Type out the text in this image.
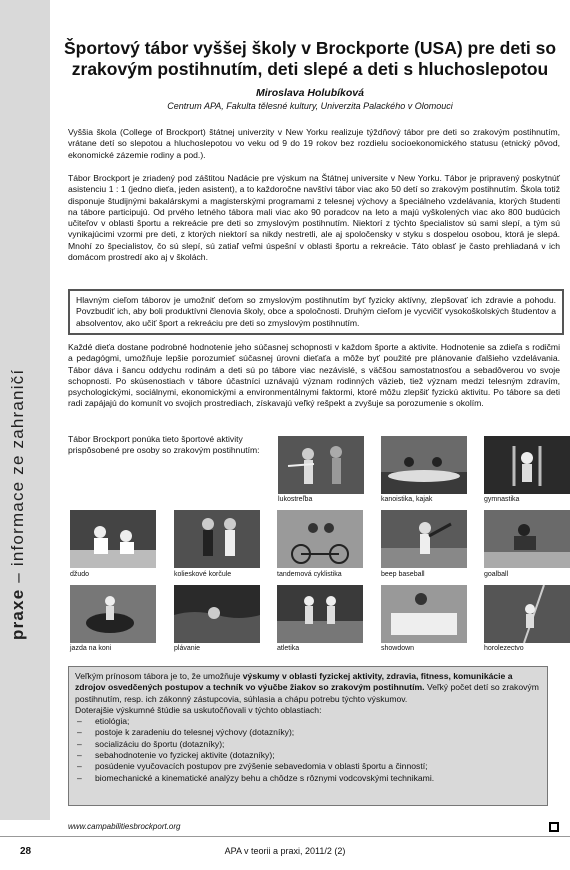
praxe – informace ze zahraničí
Športový tábor vyššej školy v Brockporte (USA) pre deti so zrakovým postihnutím, deti slepé a deti s hluchoslepotou

Miroslava Holubíková

Centrum APA, Fakulta tělesné kultury, Univerzita Palackého v Olomouci

Vyššia škola (College of Brockport) štátnej univerzity v New Yorku realizuje týždňový tábor pre deti so zrakovým postihnutím, vrátane detí so slepotou a hluchoslepotou vo veku od 9 do 19 rokov bez rozdielu socioekonomického statusu (etnický pôvod, ekonomické zázemie rodiny a pod.).

Tábor Brockport je zriadený pod záštitou Nadácie pre výskum na Štátnej universite v New Yorku. Tábor je pripravený poskytnúť asistenciu 1 : 1 (jedno dieťa, jeden asistent), a to každoročne navštívi tábor viac ako 50 detí so zrakovým postihnutím. Škola totiž disponuje študijnými bakalárskymi a magisterskými programami z telesnej výchovy a špeciálneho vzdelávania, ktorých študenti na tábore participujú. Od prvého letného tábora mali viac ako 90 poradcov na leto a majú vyškolených viac ako 800 budúcich učiteľov v oblasti športu a rekreácie pre deti so zmyslovým postihnutím. Niektorí z týchto špecialistov sú sami slepí, a tým sú vynikajúcimi vzormi pre deti, z ktorých niektorí sa nikdy nestretli, ale aj spoločensky v styku s dospelou osobou, ktorá je slepá. Mnohí zo špecialistov, čo sú slepí, sú zatiaľ veľmi úspešní v oblasti športu a rekreácie. Táto oblasť je často prehliadaná v ich domácom prostredí ako aj v školách.

Hlavným cieľom táborov je umožniť deťom so zmyslovým postihnutím byť fyzicky aktívny, zlepšovať ich zdravie a pohodu. Povzbudiť ich, aby boli produktívni členovia školy, obce a spoločnosti. Druhým cieľom je vycvičiť vysokoškolských študentov a absolventov, ako učiť šport a rekreáciu pre deti so zmyslovým postihnutím.

Každé dieťa dostane podrobné hodnotenie jeho súčasnej schopnosti v každom športe a aktivite. Hodnotenie sa zdieľa s rodičmi a pedagógmi, umožňuje lepšie porozumieť súčasnej úrovni dieťaťa a môže byť použité pre plánovanie ďalšieho vzdelávania. Tábor dáva i šancu oddychu rodinám a deti sú po tábore viac nezávislé, s väčšou samostatnosťou a sebadôverou vo svoje schopnosti. Po skúsenostiach v tábore účastníci uznávajú význam rodinných väzieb, tiež význam medzi telesným zdravím, psychologickými, sociálnymi, ekonomickými a environmentálnymi faktormi, ktoré môžu zlepšiť fyzickú aktivitu. Po tábore sa deti radi zapájajú do komunít vo svojich prostrediach, získavajú veľký rešpekt a zvyšuje sa porozumenie s okolím.

Tábor Brockport ponúka tieto športové aktivity prispôsobené pre osoby so zrakovým postihnutím:

lukostreľba	kanoistika, kajak	gymnastika
džudo	kolieskové korčule	tandemová cyklistika	beep baseball	goalball
jazda na koni	plávanie	atletika	showdown	horolezectvo

Veľkým prínosom tábora je to, že umožňuje výskumy v oblasti fyzickej aktivity, zdravia, fitness, komunikácie a zdrojov osvedčených postupov a techník vo výučbe žiakov so zrakovým postihnutím. Veľký počet detí so zrakovým postihnutím, resp. ich zákonný zástupcovia, súhlasia a chápu potrebu týchto výskumov.

Doterajšie výskumné štúdie sa uskutočňovali v týchto oblastiach:

– etiológia;
– postoje k zaradeniu do telesnej výchovy (dotazníky);
– socializáciu do športu (dotazníky);
– sebahodnotenie vo fyzickej aktivite (dotazníky);
– posúdenie vyučovacích postupov pre zvýšenie sebavedomia v oblasti športu a činností;
– biomechanické a kinematické analýzy behu a chôdze s rôznymi vodcovskými technikami.
www.campabilitiesbrockport.org
28	APA v teorii a praxi, 2011/2 (2)
